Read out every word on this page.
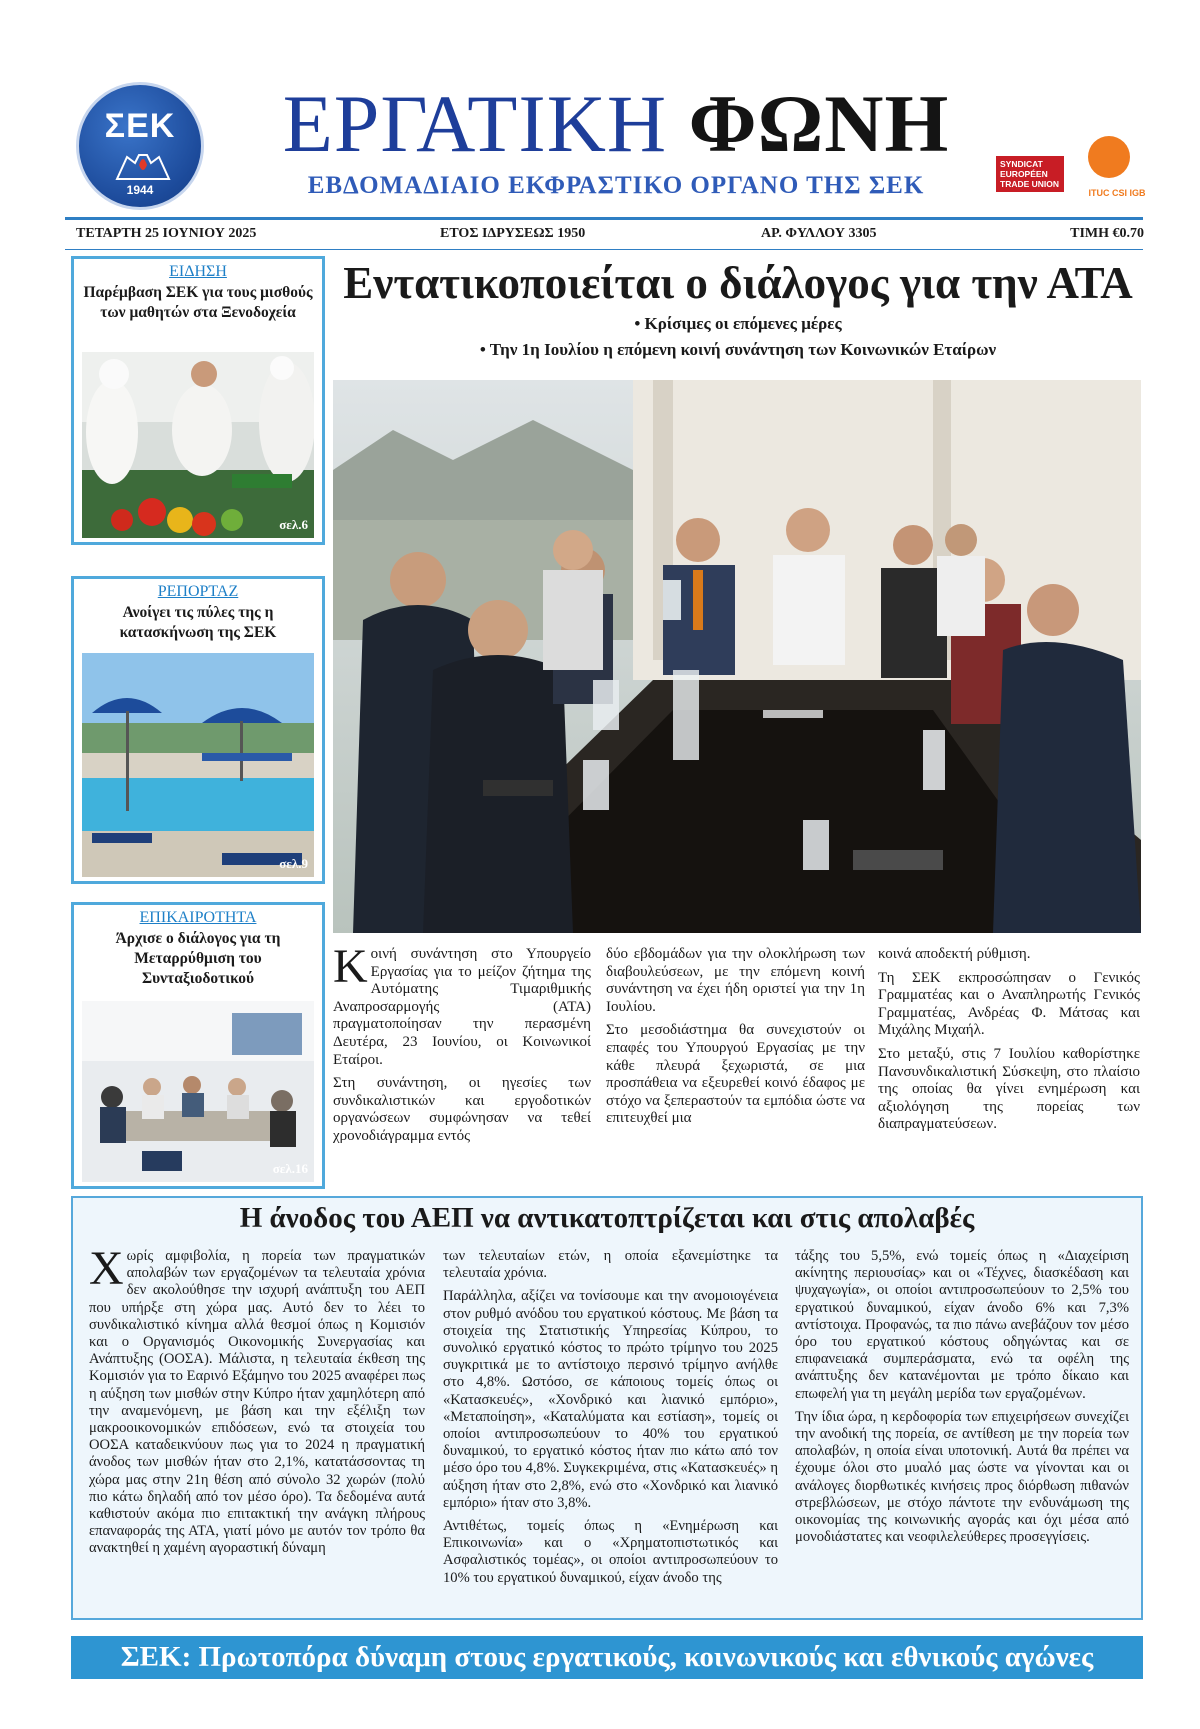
ΣΕΚ
1944
ΕΡΓΑΤΙΚΗ ΦΩΝΗ
ΕΒΔΟΜΑΔΙΑΙΟ ΕΚΦΡΑΣΤΙΚΟ ΟΡΓΑΝΟ ΤΗΣ ΣΕΚ
SYNDICAT EUROPÉEN TRADE UNION
ITUC CSI IGB
ΤΕΤΑΡΤΗ 25 ΙΟΥΝΙΟΥ 2025	ΕΤΟΣ ΙΔΡΥΣΕΩΣ 1950	ΑΡ. ΦΥΛΛΟΥ 3305	ΤΙΜΗ €0.70
ΕΙΔΗΣΗ
Παρέμβαση ΣΕΚ για τους μισθούς των μαθητών στα Ξενοδοχεία
σελ.6
ΡΕΠΟΡΤΑΖ
Ανοίγει τις πύλες της η κατασκήνωση της ΣΕΚ
σελ.9
ΕΠΙΚΑΙΡΟΤΗΤΑ
Άρχισε ο διάλογος για τη Μεταρρύθμιση του Συνταξιοδοτικού
σελ.16
Εντατικοποιείται ο διάλογος για την ΑΤΑ
• Κρίσιμες οι επόμενες μέρες
• Την 1η Ιουλίου η επόμενη κοινή συνάντηση των Κοινωνικών Εταίρων
Κ οινή συνάντηση στο Υπουργείο Εργασίας για το μείζον ζήτημα της Αυτόματης Τιμαριθμικής Αναπροσαρμογής (ΑΤΑ) πραγματοποίησαν την περασμένη Δευτέρα, 23 Ιουνίου, οι Κοινωνικοί Εταίροι.

Στη συνάντηση, οι ηγεσίες των συνδικαλιστικών και εργοδοτικών οργανώσεων συμφώνησαν να τεθεί χρονοδιάγραμμα εντός

δύο εβδομάδων για την ολοκλήρωση των διαβουλεύσεων, με την επόμενη κοινή συνάντηση να έχει ήδη οριστεί για την 1η Ιουλίου.

Στο μεσοδιάστημα θα συνεχιστούν οι επαφές του Υπουργού Εργασίας με την κάθε πλευρά ξεχωριστά, σε μια προσπάθεια να εξευρεθεί κοινό έδαφος με στόχο να ξεπεραστούν τα εμπόδια ώστε να επιτευχθεί μια

κοινά αποδεκτή ρύθμιση.

Τη ΣΕΚ εκπροσώπησαν ο Γενικός Γραμματέας και ο Αναπληρωτής Γενικός Γραμματέας, Ανδρέας Φ. Μάτσας και Μιχάλης Μιχαήλ.

Στο μεταξύ, στις 7 Ιουλίου καθορίστηκε Πανσυνδικαλιστική Σύσκεψη, στο πλαίσιο της οποίας θα γίνει ενημέρωση και αξιολόγηση της πορείας των διαπραγματεύσεων.

Η άνοδος του ΑΕΠ να αντικατοπτρίζεται και στις απολαβές
Χ ωρίς αμφιβολία, η πορεία των πραγματικών απολαβών των εργαζομένων τα τελευταία χρόνια δεν ακολούθησε την ισχυρή ανάπτυξη του ΑΕΠ που υπήρξε στη χώρα μας. Αυτό δεν το λέει το συνδικαλιστικό κίνημα αλλά θεσμοί όπως η Κομισιόν και ο Οργανισμός Οικονομικής Συνεργασίας και Ανάπτυξης (ΟΟΣΑ). Μάλιστα, η τελευταία έκθεση της Κομισιόν για το Εαρινό Εξάμηνο του 2025 αναφέρει πως η αύξηση των μισθών στην Κύπρο ήταν χαμηλότερη από την αναμενόμενη, με βάση και την εξέλιξη των μακροοικονομικών επιδόσεων, ενώ τα στοιχεία του ΟΟΣΑ καταδεικνύουν πως για το 2024 η πραγματική άνοδος των μισθών ήταν στο 2,1%, κατατάσσοντας τη χώρα μας στην 21η θέση από σύνολο 32 χωρών (πολύ πιο κάτω δηλαδή από τον μέσο όρο). Τα δεδομένα αυτά καθιστούν ακόμα πιο επιτακτική την ανάγκη πλήρους επαναφοράς της ΑΤΑ, γιατί μόνο με αυτόν τον τρόπο θα ανακτηθεί η χαμένη αγοραστική δύναμη

των τελευταίων ετών, η οποία εξανεμίστηκε τα τελευταία χρόνια.

Παράλληλα, αξίζει να τονίσουμε και την ανομοιογένεια στον ρυθμό ανόδου του εργατικού κόστους. Με βάση τα στοιχεία της Στατιστικής Υπηρεσίας Κύπρου, το συνολικό εργατικό κόστος το πρώτο τρίμηνο του 2025 συγκριτικά με το αντίστοιχο περσινό τρίμηνο ανήλθε στο 4,8%. Ωστόσο, σε κάποιους τομείς όπως οι «Κατασκευές», «Χονδρικό και λιανικό εμπόριο», «Μεταποίηση», «Καταλύματα και εστίαση», τομείς οι οποίοι αντιπροσωπεύουν το 40% του εργατικού δυναμικού, το εργατικό κόστος ήταν πιο κάτω από τον μέσο όρο του 4,8%. Συγκεκριμένα, στις «Κατασκευές» η αύξηση ήταν στο 2,8%, ενώ στο «Χονδρικό και λιανικό εμπόριο» ήταν στο 3,8%.

Αντιθέτως, τομείς όπως η «Ενημέρωση και Επικοινωνία» και ο «Χρηματοπιστωτικός και Ασφαλιστικός τομέας», οι οποίοι αντιπροσωπεύουν το 10% του εργατικού δυναμικού, είχαν άνοδο της

τάξης του 5,5%, ενώ τομείς όπως η «Διαχείριση ακίνητης περιουσίας» και οι «Τέχνες, διασκέδαση και ψυχαγωγία», οι οποίοι αντιπροσωπεύουν το 2,5% του εργατικού δυναμικού, είχαν άνοδο 6% και 7,3% αντίστοιχα. Προφανώς, τα πιο πάνω ανεβάζουν τον μέσο όρο του εργατικού κόστους οδηγώντας και σε επιφανειακά συμπεράσματα, ενώ τα οφέλη της ανάπτυξης δεν κατανέμονται με τρόπο δίκαιο και επωφελή για τη μεγάλη μερίδα των εργαζομένων.

Την ίδια ώρα, η κερδοφορία των επιχειρήσεων συνεχίζει την ανοδική της πορεία, σε αντίθεση με την πορεία των απολαβών, η οποία είναι υποτονική. Αυτά θα πρέπει να έχουμε όλοι στο μυαλό μας ώστε να γίνονται και οι ανάλογες διορθωτικές κινήσεις προς διόρθωση πιθανών στρεβλώσεων, με στόχο πάντοτε την ενδυνάμωση της οικονομίας της κοινωνικής αγοράς και όχι μέσα από μονοδιάστατες και νεοφιλελεύθερες προσεγγίσεις.

ΣΕΚ: Πρωτοπόρα δύναμη στους εργατικούς, κοινωνικούς και εθνικούς αγώνες
